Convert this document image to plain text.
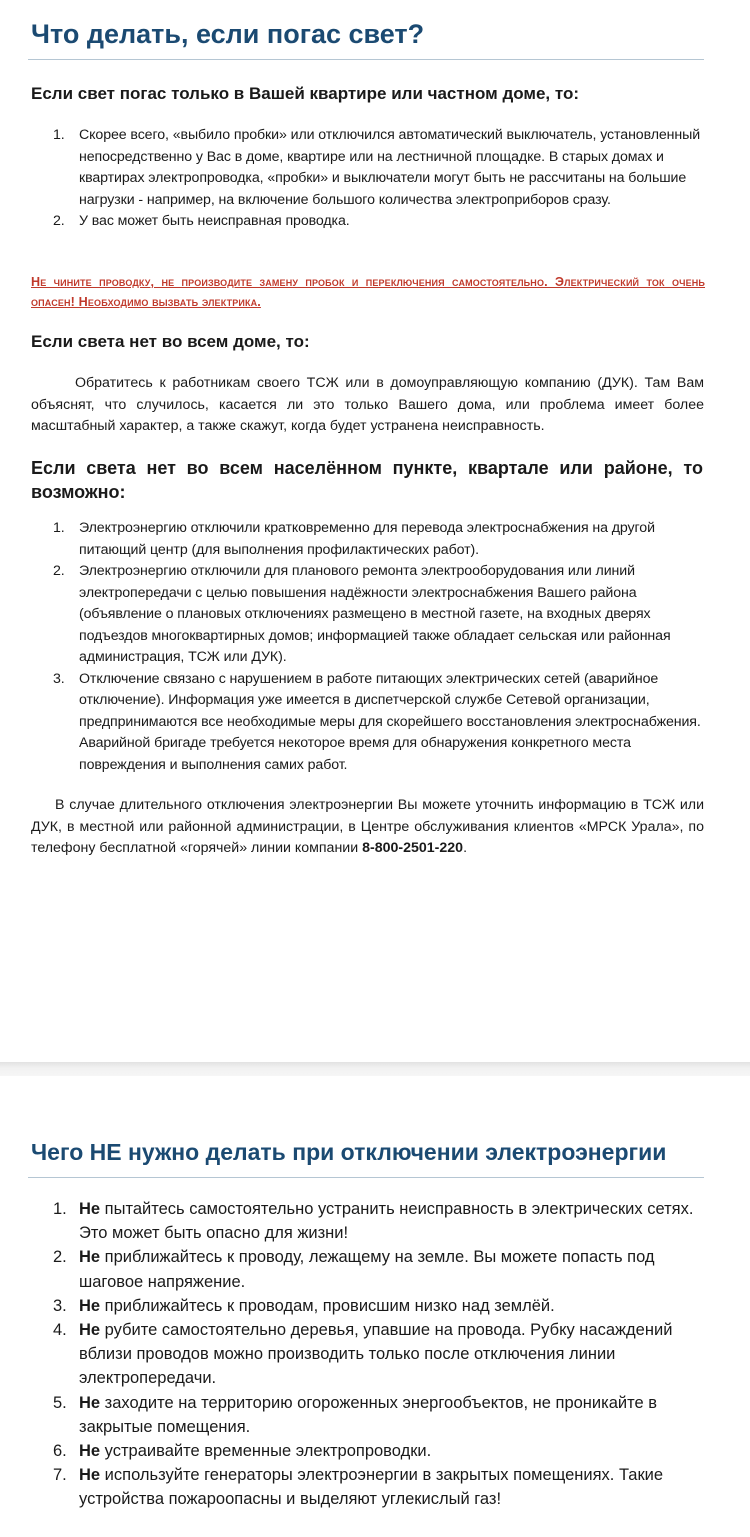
Что делать, если погас свет?
Если свет погас только в Вашей квартире или частном доме, то:
1. Скорее всего, «выбило пробки» или отключился автоматический выключатель, установленный непосредственно у Вас в доме, квартире или на лестничной площадке. В старых домах и квартирах электропроводка, «пробки» и выключатели могут быть не рассчитаны на большие нагрузки - например, на включение большого количества электроприборов сразу.
2. У вас может быть неисправная проводка.

Не чините проводку, не производите замену пробок и переключения самостоятельно. Электрический ток очень опасен! Необходимо вызвать электрика.

Если света нет во всем доме, то:

Обратитесь к работникам своего ТСЖ или в домоуправляющую компанию (ДУК). Там Вам объяснят, что случилось, касается ли это только Вашего дома, или проблема имеет более масштабный характер, а также скажут, когда будет устранена неисправность.

Если света нет во всем населённом пункте, квартале или районе, то возможно:
1. Электроэнергию отключили кратковременно для перевода электроснабжения на другой питающий центр (для выполнения профилактических работ).
2. Электроэнергию отключили для планового ремонта электрооборудования или линий электропередачи с целью повышения надёжности электроснабжения Вашего района (объявление о плановых отключениях размещено в местной газете, на входных дверях подъездов многоквартирных домов; информацией также обладает сельская или районная администрация, ТСЖ или ДУК).
3. Отключение связано с нарушением в работе питающих электрических сетей (аварийное отключение). Информация уже имеется в диспетчерской службе Сетевой организации, предпринимаются все необходимые меры для скорейшего восстановления электроснабжения. Аварийной бригаде требуется некоторое время для обнаружения конкретного места повреждения и выполнения самих работ.

В случае длительного отключения электроэнергии Вы можете уточнить информацию в ТСЖ или ДУК, в местной или районной администрации, в Центре обслуживания клиентов «МРСК Урала», по телефону бесплатной «горячей» линии компании 8-800-2501-220.

Чего НЕ нужно делать при отключении электроэнергии
1. Не пытайтесь самостоятельно устранить неисправность в электрических сетях. Это может быть опасно для жизни!
2. Не приближайтесь к проводу, лежащему на земле. Вы можете попасть под шаговое напряжение.
3. Не приближайтесь к проводам, провисшим низко над землёй.
4. Не рубите самостоятельно деревья, упавшие на провода. Рубку насаждений вблизи проводов можно производить только после отключения линии электропередачи.
5. Не заходите на территорию огороженных энергообъектов, не проникайте в закрытые помещения.
6. Не устраивайте временные электропроводки.
7. Не используйте генераторы электроэнергии в закрытых помещениях. Такие устройства пожароопасны и выделяют углекислый газ!
